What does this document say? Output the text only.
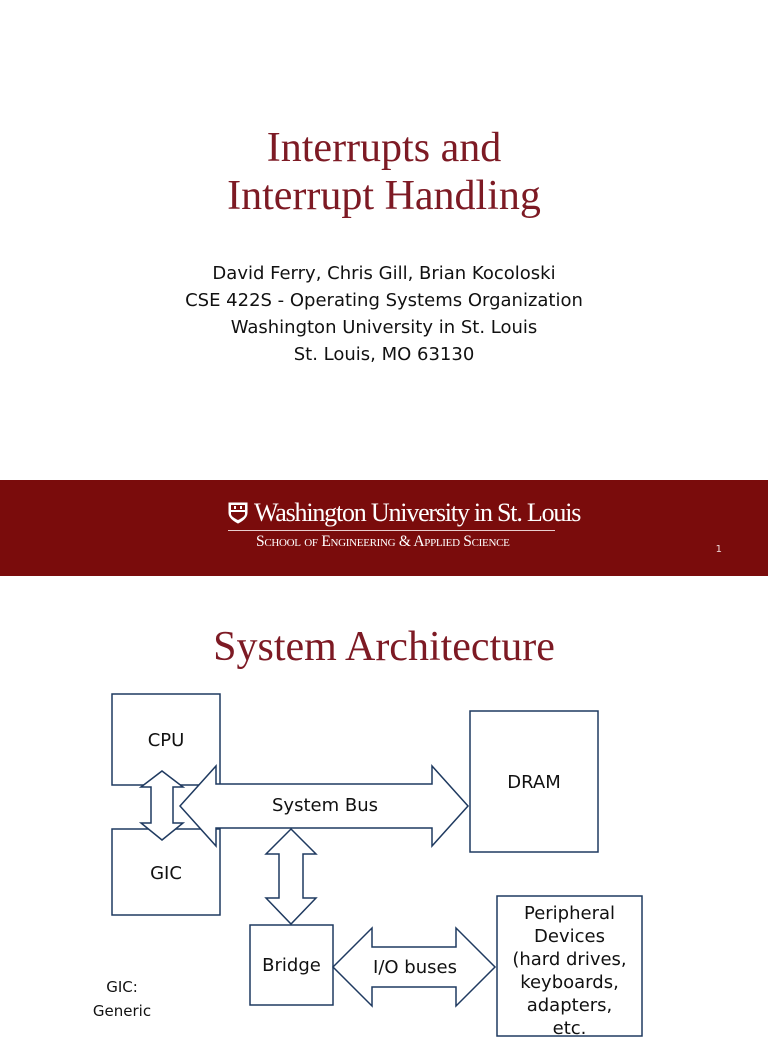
Interrupts and
Interrupt Handling
David Ferry, Chris Gill, Brian Kocoloski
CSE 422S - Operating Systems Organization
Washington University in St. Louis
St. Louis, MO 63130
Washington University in St. Louis
School of Engineering & Applied Science	1
System Architecture
CPU
GIC
DRAM
System Bus
Bridge	I/O buses
Peripheral
Devices
(hard drives,
keyboards,
adapters,
etc.
GIC:
Generic
